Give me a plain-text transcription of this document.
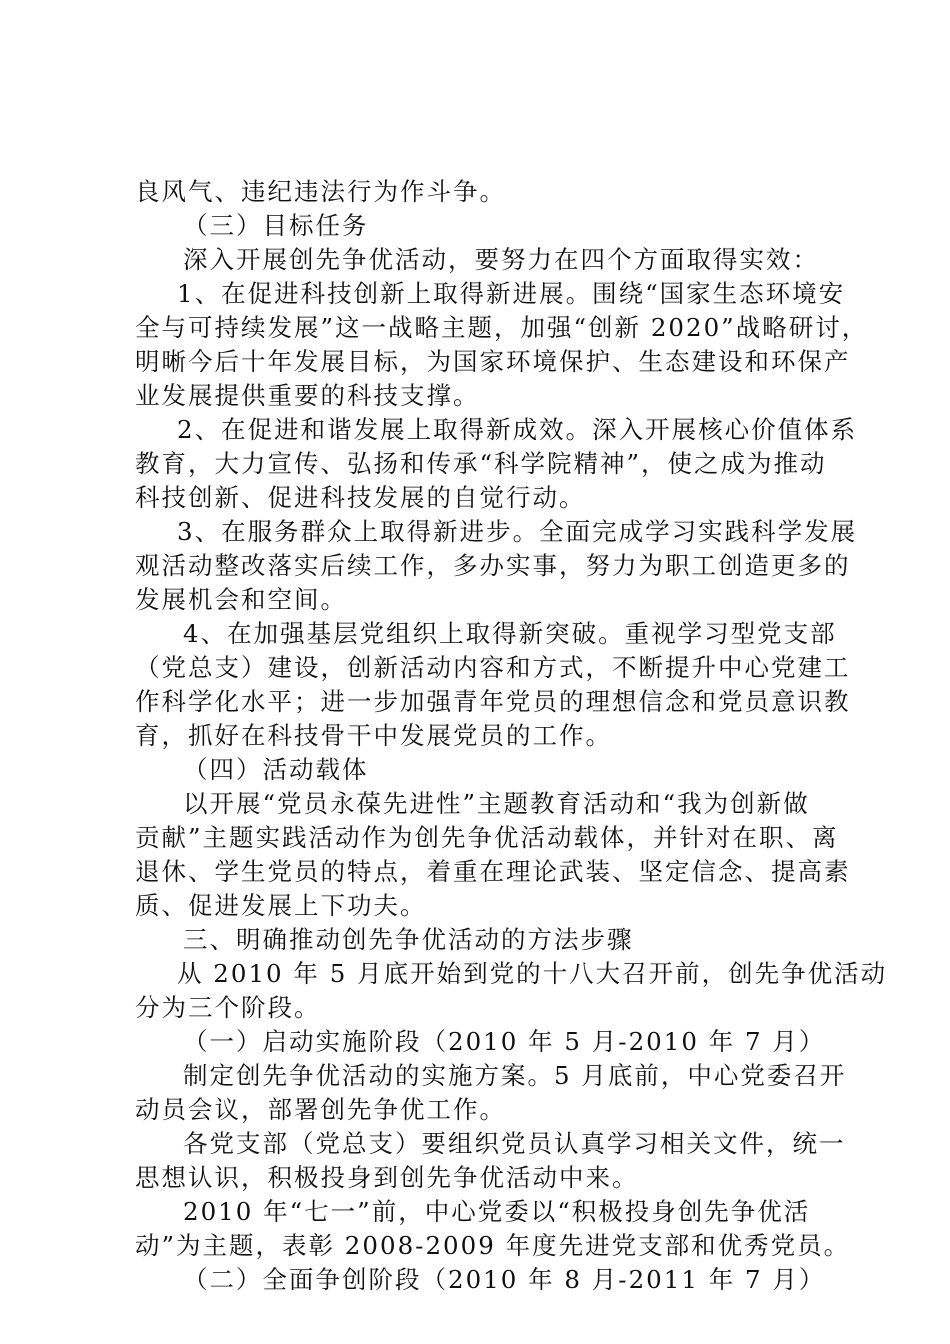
良风气、违纪违法行为作斗争。
（三）目标任务
深入开展创先争优活动，要努力在四个方面取得实效：
1、在促进科技创新上取得新进展。围绕“国家生态环境安
全与可持续发展”这一战略主题，加强“创新 2020”战略研讨，
明晰今后十年发展目标，为国家环境保护、生态建设和环保产
业发展提供重要的科技支撑。
2、在促进和谐发展上取得新成效。深入开展核心价值体系
教育，大力宣传、弘扬和传承“科学院精神”，使之成为推动
科技创新、促进科技发展的自觉行动。
3、在服务群众上取得新进步。全面完成学习实践科学发展
观活动整改落实后续工作，多办实事，努力为职工创造更多的
发展机会和空间。
4、在加强基层党组织上取得新突破。重视学习型党支部
（党总支）建设，创新活动内容和方式，不断提升中心党建工
作科学化水平；进一步加强青年党员的理想信念和党员意识教
育，抓好在科技骨干中发展党员的工作。
（四）活动载体
以开展“党员永葆先进性”主题教育活动和“我为创新做
贡献”主题实践活动作为创先争优活动载体，并针对在职、离
退休、学生党员的特点，着重在理论武装、坚定信念、提高素
质、促进发展上下功夫。
三、明确推动创先争优活动的方法步骤
从 2010 年 5 月底开始到党的十八大召开前，创先争优活动
分为三个阶段。
（一）启动实施阶段（2010 年 5 月-2010 年 7 月）
制定创先争优活动的实施方案。5 月底前，中心党委召开
动员会议，部署创先争优工作。
各党支部（党总支）要组织党员认真学习相关文件，统一
思想认识，积极投身到创先争优活动中来。
2010 年“七一”前，中心党委以“积极投身创先争优活
动”为主题，表彰 2008-2009 年度先进党支部和优秀党员。
（二）全面争创阶段（2010 年 8 月-2011 年 7 月）
